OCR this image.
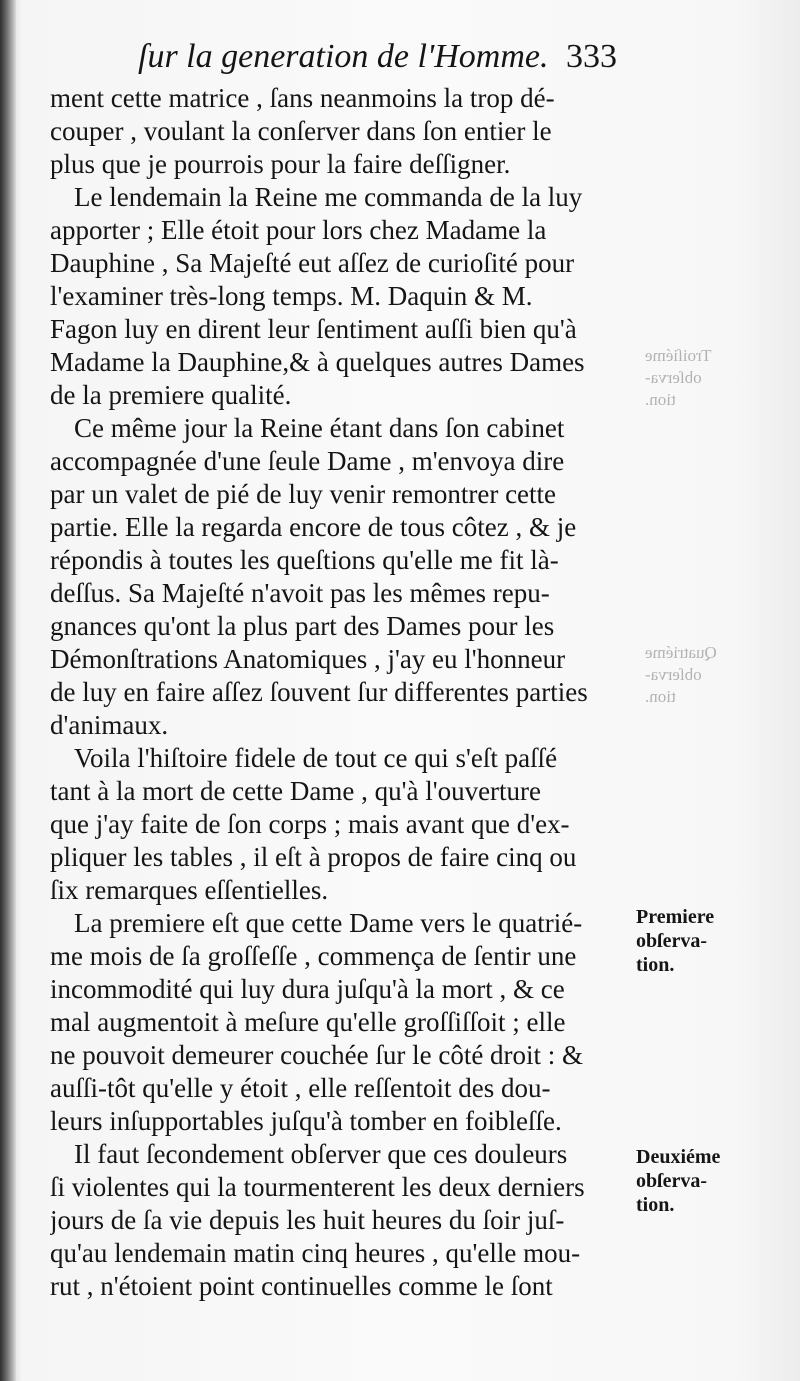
ſur la generation de l'Homme. 333
Troiſiéme
obſerva-
tion.
Quatriéme
obſerva-
tion.
ment cette matrice , ſans neanmoins la trop dé-
couper , voulant la conſerver dans ſon entier le
plus que je pourrois pour la faire deſſigner.
Le lendemain la Reine me commanda de la luy
apporter ; Elle étoit pour lors chez Madame la
Dauphine , Sa Majeſté eut aſſez de curioſité pour
l'examiner très-long temps. M. Daquin & M.
Fagon luy en dirent leur ſentiment auſſi bien qu'à
Madame la Dauphine,& à quelques autres Dames
de la premiere qualité.
Ce même jour la Reine étant dans ſon cabinet
accompagnée d'une ſeule Dame , m'envoya dire
par un valet de pié de luy venir remontrer cette
partie. Elle la regarda encore de tous côtez , & je
répondis à toutes les queſtions qu'elle me fit là-
deſſus. Sa Majeſté n'avoit pas les mêmes repu-
gnances qu'ont la plus part des Dames pour les
Démonſtrations Anatomiques , j'ay eu l'honneur
de luy en faire aſſez ſouvent ſur differentes parties
d'animaux.
Voila l'hiſtoire fidele de tout ce qui s'eſt paſſé
tant à la mort de cette Dame , qu'à l'ouverture
que j'ay faite de ſon corps ; mais avant que d'ex-
pliquer les tables , il eſt à propos de faire cinq ou
ſix remarques eſſentielles.
La premiere eſt que cette Dame vers le quatrié-
me mois de ſa groſſeſſe , commença de ſentir une
incommodité qui luy dura juſqu'à la mort , & ce
mal augmentoit à meſure qu'elle groſſiſſoit ; elle
ne pouvoit demeurer couchée ſur le côté droit : &
auſſi-tôt qu'elle y étoit , elle reſſentoit des dou-
leurs inſupportables juſqu'à tomber en foibleſſe.
Il faut ſecondement obſerver que ces douleurs
ſi violentes qui la tourmenterent les deux derniers
jours de ſa vie depuis les huit heures du ſoir juſ-
qu'au lendemain matin cinq heures , qu'elle mou-
rut , n'étoient point continuelles comme le ſont
Premiere
obſerva-
tion.
Deuxiéme
obſerva-
tion.
